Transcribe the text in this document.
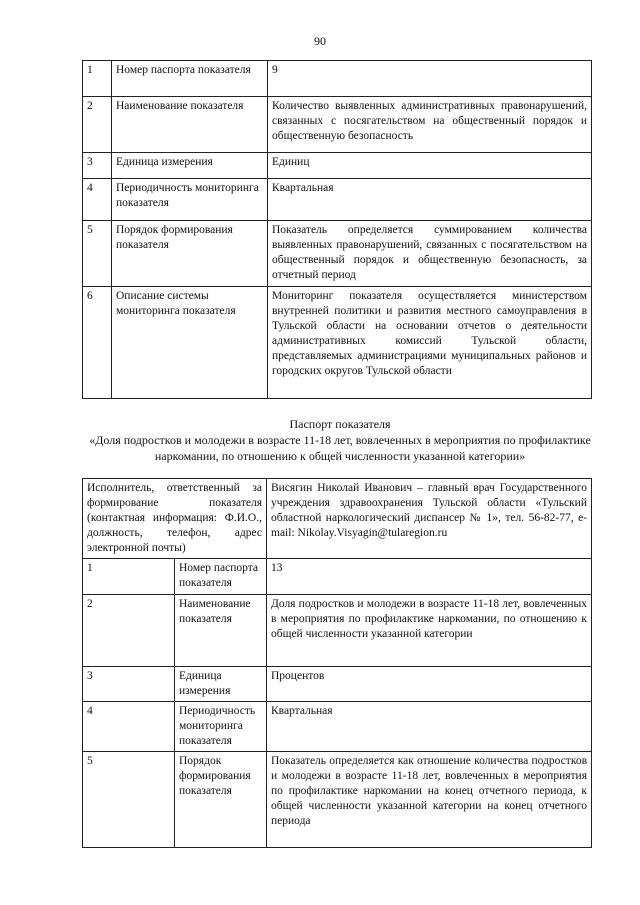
90
1	Номер паспорта показателя	9
2	Наименование показателя	Количество выявленных административных правонарушений, связанных с посягательством на общественный порядок и общественную безопасность
3	Единица измерения	Единиц
4	Периодичность мониторинга показателя	Квартальная
5	Порядок формирования показателя	Показатель определяется суммированием количества выявленных правонарушений, связанных с посягательством на общественный порядок и общественную безопасность, за отчетный период
6	Описание системы мониторинга показателя	Мониторинг показателя осуществляется министерством внутренней политики и развития местного самоуправления в Тульской области на основании отчетов о деятельности административных комиссий Тульской области, представляемых администрациями муниципальных районов и городских округов Тульской области
Паспорт показателя
«Доля подростков и молодежи в возрасте 11-18 лет, вовлеченных в мероприятия по профилактике наркомании, по отношению к общей численности указанной категории»
Исполнитель, ответственный за формирование показателя (контактная информация: Ф.И.О., должность, телефон, адрес электронной почты)		Висягин Николай Иванович – главный врач Государственного учреждения здравоохранения Тульской области «Тульский областной наркологический диспансер № 1», тел. 56-82-77, e-mail: Nikolay.Visyagin@tularegion.ru
1	Номер паспорта показателя	13
2	Наименование показателя	Доля подростков и молодежи в возрасте 11-18 лет, вовлеченных в мероприятия по профилактике наркомании, по отношению к общей численности указанной категории
3	Единица измерения	Процентов
4	Периодичность мониторинга показателя	Квартальная
5	Порядок формирования показателя	Показатель определяется как отношение количества подростков и молодежи в возрасте 11-18 лет, вовлеченных в мероприятия по профилактике наркомании на конец отчетного периода, к общей численности указанной категории на конец отчетного периода
